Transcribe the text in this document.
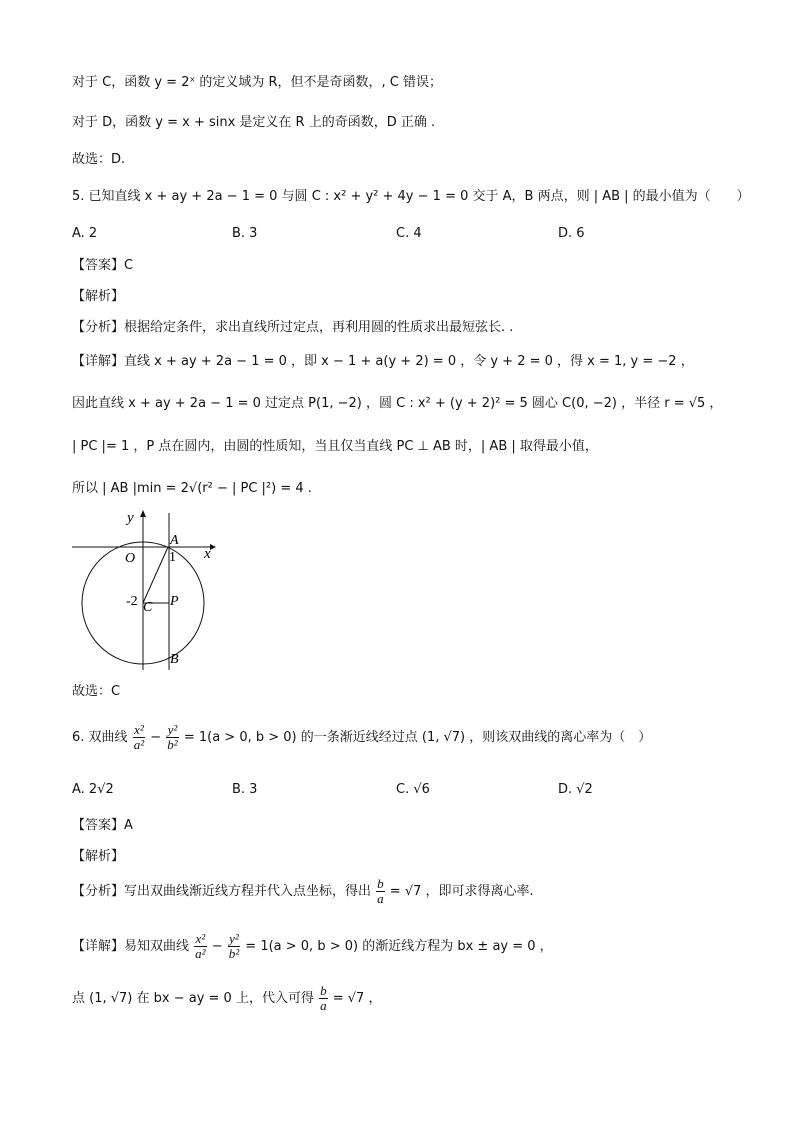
对于 C，函数 y = 2ˣ 的定义域为 R，但不是奇函数，, C 错误；
对于 D，函数 y = x + sinx 是定义在 R 上的奇函数，D 正确 .
故选：D.
5. 已知直线 x + ay + 2a − 1 = 0 与圆 C : x² + y² + 4y − 1 = 0 交于 A，B 两点，则 | AB | 的最小值为（　　）
A. 2	B. 3	C. 4	D. 6
【答案】C
【解析】
【分析】根据给定条件，求出直线所过定点，再利用圆的性质求出最短弦长. .
【详解】直线 x + ay + 2a − 1 = 0 ，即 x − 1 + a(y + 2) = 0 ，令 y + 2 = 0 ，得 x = 1, y = −2 ，
因此直线 x + ay + 2a − 1 = 0 过定点 P(1, −2) ，圆 C : x² + (y + 2)² = 5 圆心 C(0, −2) ，半径 r = √5 ，
| PC |= 1 ，P 点在圆内，由圆的性质知，当且仅当直线 PC ⊥ AB 时，| AB | 取得最小值，
所以 | AB |min = 2√(r² − | PC |²) = 4 .
y
x
O
A
1
-2 C P
B
故选：C
6. 双曲线 $\frac{\text{x²}}{\text{a²}} - \frac{\text{y²}}{\text{b²}} = 1(a > 0$, b > 0) 的一条渐近线经过点 (1, √7) ，则该双曲线的离心率为（　）
A. 2√2	B. 3	C. √6	D. √2
【答案】A
【解析】
【分析】写出双曲线渐近线方程并代入点坐标，得出 $\frac{b}{a} = √7$ ，即可求得离心率.
【详解】易知双曲线 $\frac{\text{x²}}{\text{a²}} - \frac{\text{y²}}{\text{b²}} = 1(a > 0$, b > 0) 的渐近线方程为 bx ± ay = 0 ，
点 (1, √7) 在 bx − ay = 0 上，代入可得 $\frac{b}{a} = √7$ ，
